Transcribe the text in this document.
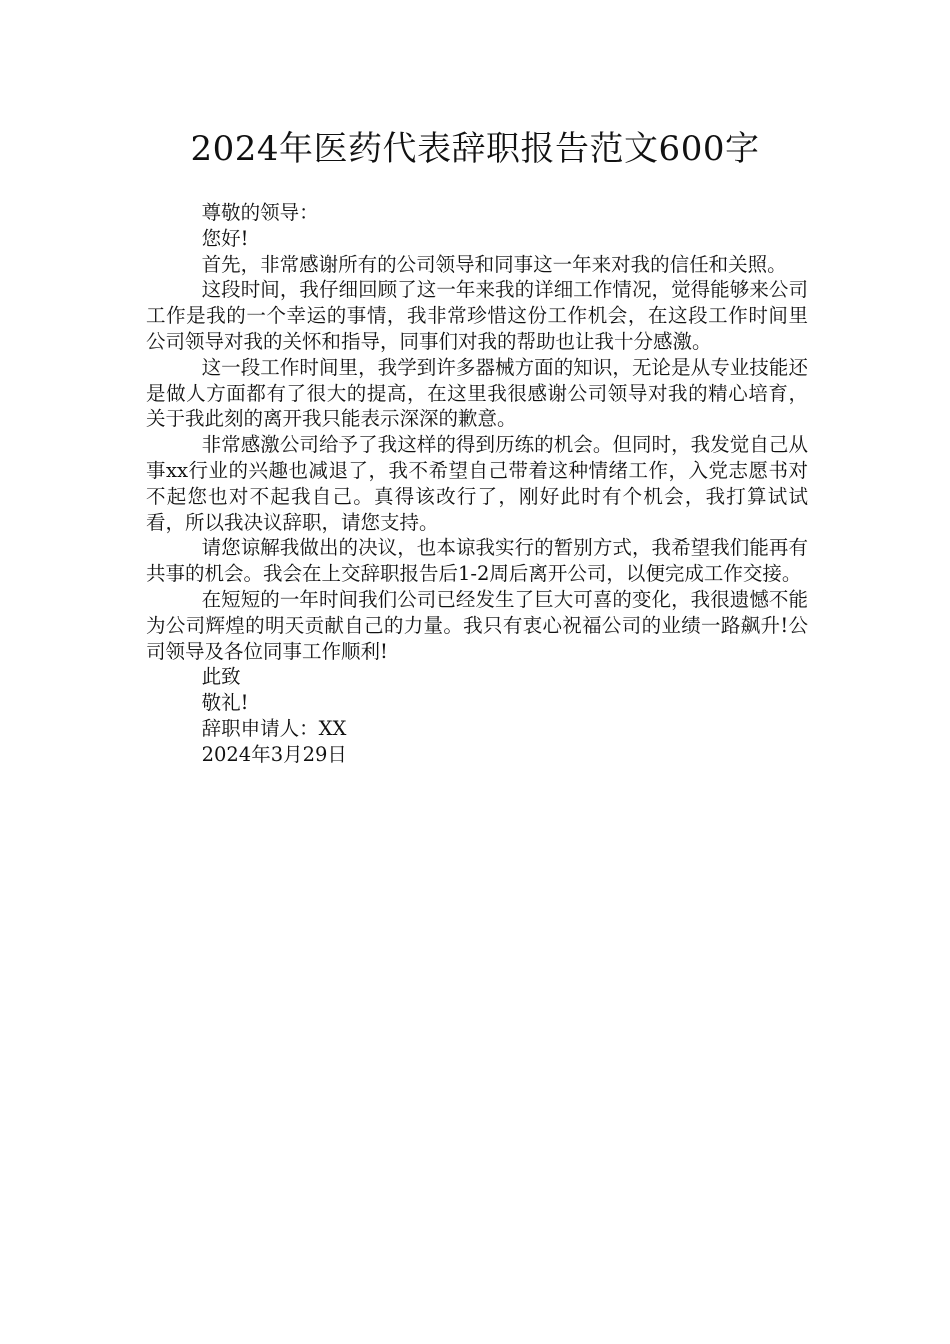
2024年医药代表辞职报告范文600字

尊敬的领导：

您好!

首先，非常感谢所有的公司领导和同事这一年来对我的信任和关照。

这段时间，我仔细回顾了这一年来我的详细工作情况，觉得能够来公司工作是我的一个幸运的事情，我非常珍惜这份工作机会，在这段工作时间里公司领导对我的关怀和指导，同事们对我的帮助也让我十分感激。

这一段工作时间里，我学到许多器械方面的知识，无论是从专业技能还是做人方面都有了很大的提高，在这里我很感谢公司领导对我的精心培育，关于我此刻的离开我只能表示深深的歉意。

非常感激公司给予了我这样的得到历练的机会。但同时，我发觉自己从事xx行业的兴趣也减退了，我不希望自己带着这种情绪工作，入党志愿书对不起您也对不起我自己。真得该改行了，刚好此时有个机会，我打算试试看，所以我决议辞职，请您支持。

请您谅解我做出的决议，也本谅我实行的暂别方式，我希望我们能再有共事的机会。我会在上交辞职报告后1-2周后离开公司，以便完成工作交接。

在短短的一年时间我们公司已经发生了巨大可喜的变化，我很遗憾不能为公司辉煌的明天贡献自己的力量。我只有衷心祝福公司的业绩一路飙升!公司领导及各位同事工作顺利!

此致

敬礼!

辞职申请人：XX

2024年3月29日
